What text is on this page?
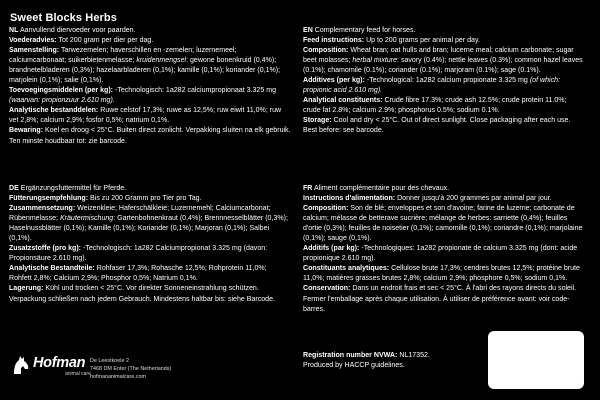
Sweet Blocks Herbs

NL Aanvullend diervoeder voor paarden.

Voederadvies: Tot 200 gram per dier per dag.

Samenstelling: Tarwezemelen; haverschillen en -zemelen; luzernemeel; calciumcarbonaat; suikerbietenmelasse; kruidenmengsel: gewone bonenkruid (0,4%); brandnetelbladeren (0,3%); hazelaarbladeren (0,1%); kamille (0,1%); koriander (0,1%); marjolein (0,1%); salie (0,1%).

Toevoegingsmiddelen (per kg): -Technologisch: 1a282 calciumpropionaat 3.325 mg (waarvan: propionzuur 2.610 mg).

Analytische bestanddelen: Ruwe celstof 17,3%; ruwe as 12,5%; ruw eiwit 11,0%; ruw vet 2,8%; calcium 2,9%; fosfor 0,5%; natrium 0,1%.

Bewaring: Koel en droog < 25°C. Buiten direct zonlicht. Verpakking sluiten na elk gebruik. Ten minste houdbaar tot: zie barcode.

DE Ergänzungsfuttermittel für Pferde.

Fütterungsempfehlung: Bis zu 200 Gramm pro Tier pro Tag.

Zusammensetzung: Weizenkleie; Haferschälkleie; Luzernemehl; Calciumcarbonat; Rübenmelasse; Kräutermischung: Gartenbohnenkraut (0,4%); Brennnesselblätter (0,3%); Haselnussblätter (0,1%); Kamille (0,1%); Koriander (0,1%); Marjoran (0,1%); Salbei (0,1%).

Zusatzstoffe (pro kg): -Technologisch: 1a282 Calciumpropionat 3.325 mg (davon: Propionsäure 2.610 mg).

Analytische Bestandteile: Rohfaser 17,3%; Rohasche 12,5%; Rohprotein 11,0%; Rohfett 2,8%; Calcium 2,9%; Phosphor 0,5%; Natrium 0,1%.

Lagerung: Kühl und trocken < 25°C. Vor direkter Sonneneinstrahlung schützen. Verpackung schließen nach jedem Gebrauch. Mindestens haltbar bis: siehe Barcode.

EN Complementary feed for horses.

Feed instructions: Up to 200 grams per animal per day.

Composition: Wheat bran; oat hulls and bran; lucerne meal; calcium carbonate; sugar beet molasses; herbal mixture: savory (0.4%); nettle leaves (0.3%); common hazel leaves (0.1%); chamomile (0.1%); coriander (0.1%); marjoram (0.1%); sage (0.1%).

Additives (per kg): -Technological: 1a282 calcium propionate 3.325 mg (of which: propionic acid 2.610 mg).

Analytical constituents: Crude fibre 17.3%; crude ash 12.5%; crude protein 11.0%; crude fat 2.8%; calcium 2.9%; phosphorus 0.5%; sodium 0.1%.

Storage: Cool and dry < 25°C. Out of direct sunlight. Close packaging after each use. Best before: see barcode.

FR Aliment complémentaire pour des chevaux.

Instructions d'alimentation: Donner jusqu'à 200 grammes par animal par jour.

Composition: Son de blé; enveloppes et son d'avoine; farine de luzerne; carbonate de calcium; mélasse de betterave sucrière; mélange de herbes: sarriette (0,4%); feuilles d'ortie (0,3%); feuilles de noisetier (0,1%); camomille (0,1%); coriandre (0,1%); marjolaine (0,1%); sauge (0,1%).

Additifs (par kg): -Technologiques: 1a282 propionate de calcium 3.325 mg (dont: acide propionique 2.610 mg).

Constituants analytiques: Cellulose brute 17,3%; cendres brutes 12,5%; protéine brute 11,0%; matières grasses brutes 2,8%; calcium 2,9%; phosphore 0,5%; sodium 0,1%.

Conservation: Dans un endroit frais et sec < 25°C. À l'abri des rayons directs du soleil. Fermer l'emballage après chaque utilisation. À utiliser de préférence avant: voir code-barres.

Registration number NVWA: NL17352.

Produced by HACCP guidelines.

Hofman
animal care

De Leestkoele 2

7468 DM Enter (The Netherlands)

hofmananimalcare.com
